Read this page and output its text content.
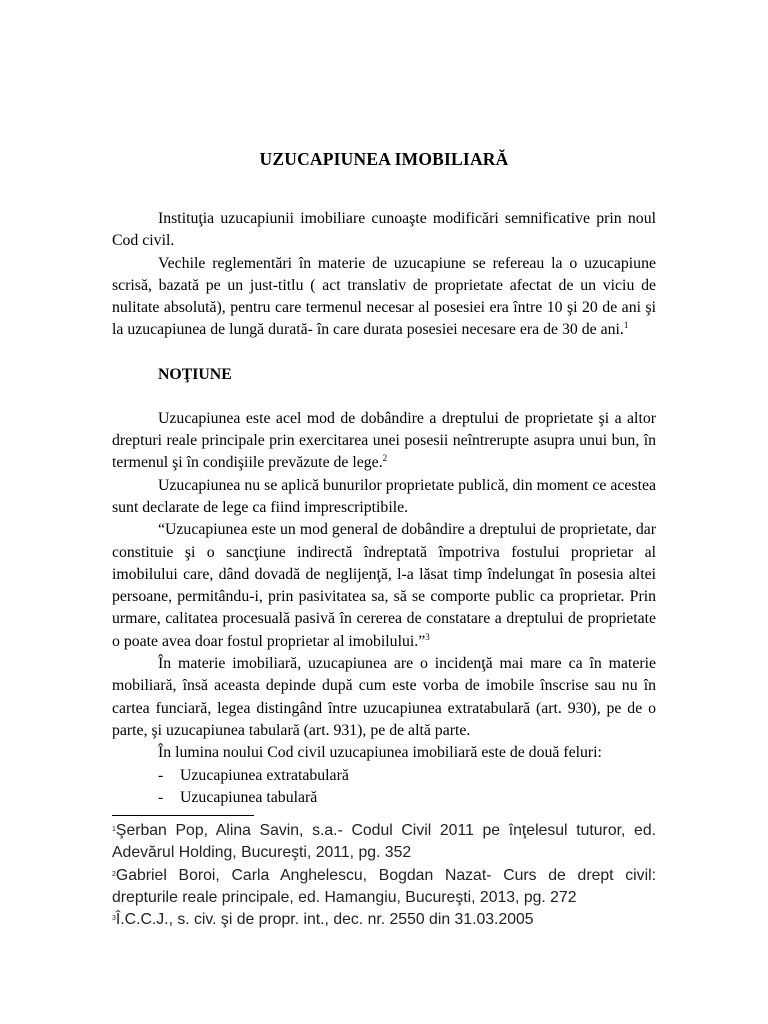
UZUCAPIUNEA IMOBILIARĂ

Instituţia uzucapiunii imobiliare cunoaşte modificări semnificative prin noul Cod civil.

Vechile reglementări în materie de uzucapiune se refereau la o uzucapiune scrisă, bazată pe un just-titlu ( act translativ de proprietate afectat de un viciu de nulitate absolută), pentru care termenul necesar al posesiei era între 10 şi 20 de ani şi la uzucapiunea de lungă durată- în care durata posesiei necesare era de 30 de ani.$^1$

NOŢIUNE

Uzucapiunea este acel mod de dobândire a dreptului de proprietate şi a altor drepturi reale principale prin exercitarea unei posesii neîntrerupte asupra unui bun, în termenul şi în condişiile prevăzute de lege.$^2$

Uzucapiunea nu se aplică bunurilor proprietate publică, din moment ce acestea sunt declarate de lege ca fiind imprescriptibile.

“Uzucapiunea este un mod general de dobândire a dreptului de proprietate, dar constituie şi o sancţiune indirectă îndreptată împotriva fostului proprietar al imobilului care, dând dovadă de neglijenţă, l-a lăsat timp îndelungat în posesia altei persoane, permitându-i, prin pasivitatea sa, să se comporte public ca proprietar. Prin urmare, calitatea procesuală pasivă în cererea de constatare a dreptului de proprietate o poate avea doar fostul proprietar al imobilului.”$^3$

În materie imobiliară, uzucapiunea are o incidenţă mai mare ca în materie mobiliară, însă aceasta depinde după cum este vorba de imobile înscrise sau nu în cartea funciară, legea distingând între uzucapiunea extratabulară (art. 930), pe de o parte, şi uzucapiunea tabulară (art. 931), pe de altă parte.

În lumina noului Cod civil uzucapiunea imobiliară este de două feluri:

- Uzucapiunea extratabulară
- Uzucapiunea tabulară

$^1$Şerban Pop, Alina Savin, s.a.- Codul Civil 2011 pe înţelesul tuturor, ed. Adevărul Holding, Bucureşti, 2011, pg. 352

$^2$Gabriel Boroi, Carla Anghelescu, Bogdan Nazat- Curs de drept civil: drepturile reale principale, ed. Hamangiu, Bucureşti, 2013, pg. 272

$^3$Î.C.C.J., s. civ. şi de propr. int., dec. nr. 2550 din 31.03.2005
